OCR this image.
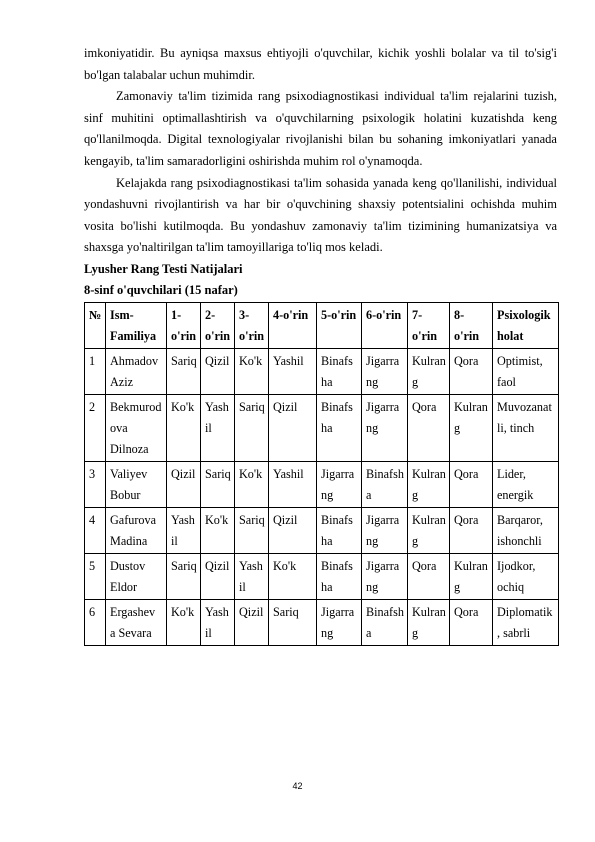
imkoniyatidir. Bu ayniqsa maxsus ehtiyojli o'quvchilar, kichik yoshli bolalar va til to'sig'i bo'lgan talabalar uchun muhimdir.

Zamonaviy ta'lim tizimida rang psixodiagnostikasi individual ta'lim rejalarini tuzish, sinf muhitini optimallashtirish va o'quvchilarning psixologik holatini kuzatishda keng qo'llanilmoqda. Digital texnologiyalar rivojlanishi bilan bu sohaning imkoniyatlari yanada kengayib, ta'lim samaradorligini oshirishda muhim rol o'ynamoqda.

Kelajakda rang psixodiagnostikasi ta'lim sohasida yanada keng qo'llanilishi, individual yondashuvni rivojlantirish va har bir o'quvchining shaxsiy potentsialini ochishda muhim vosita bo'lishi kutilmoqda. Bu yondashuv zamonaviy ta'lim tizimining humanizatsiya va shaxsga yo'naltirilgan ta'lim tamoyillariga to'liq mos keladi.

Lyusher Rang Testi Natijalari
8-sinf o'quvchilari (15 nafar)
№	Ism-Familiya	1-o'rin	2-o'rin	3-o'rin	4-o'rin	5-o'rin	6-o'rin	7-o'rin	8-o'rin	Psixologik holat
1	Ahmadov Aziz	Sariq	Qizil	Ko'k	Yashil	Binafsha	Jigarrang	Kulrang	Qora	Optimist, faol
2	Bekmurodova Dilnoza	Ko'k	Yashil	Sariq	Qizil	Binafsha	Jigarrang	Qora	Kulrang	Muvozanatli, tinch
3	Valiyev Bobur	Qizil	Sariq	Ko'k	Yashil	Jigarrang	Binafsha	Kulrang	Qora	Lider, energik
4	Gafurova Madina	Yashil	Ko'k	Sariq	Qizil	Binafsha	Jigarrang	Kulrang	Qora	Barqaror, ishonchli
5	Dustov Eldor	Sariq	Qizil	Yashil	Ko'k	Binafsha	Jigarrang	Qora	Kulrang	Ijodkor, ochiq
6	Ergashev a Sevara	Ko'k	Yashil	Qizil	Sariq	Jigarrang	Binafsha	Kulrang	Qora	Diplomatik, sabrli
42
